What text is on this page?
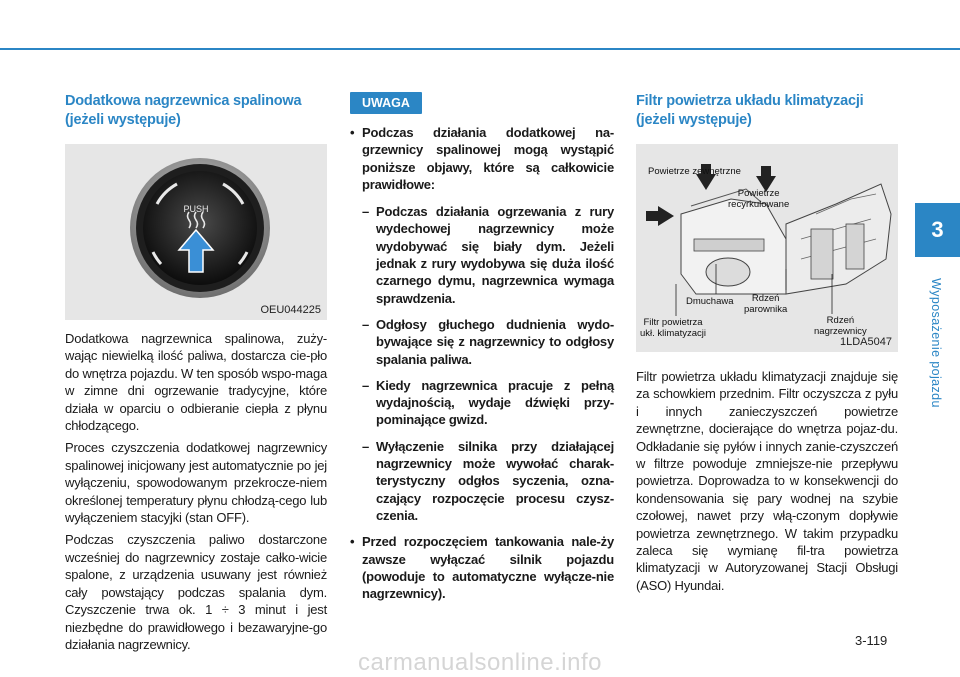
Dodatkowa nagrzewnica spalinowa
(jeżeli występuje)
PUSH
OEU044225

Dodatkowa nagrzewnica spalinowa, zuży-wając niewielką ilość paliwa, dostarcza cie-pło do wnętrza pojazdu. W ten sposób wspo-maga w zimne dni ogrzewanie tradycyjne, które działa w oparciu o odbieranie ciepła z płynu chłodzącego.

Proces czyszczenia dodatkowej nagrzewnicy spalinowej inicjowany jest automatycznie po jej wyłączeniu, spowodowanym przekrocze-niem określonej temperatury płynu chłodzą-cego lub wyłączeniem stacyjki (stan OFF).

Podczas czyszczenia paliwo dostarczone wcześniej do nagrzewnicy zostaje całko-wicie spalone, z urządzenia usuwany jest również cały powstający podczas spalania dym. Czyszczenie trwa ok. 1 ÷ 3 minut i jest niezbędne do prawidłowego i bezawaryjne-go działania nagrzewnicy.

UWAGA
• Podczas działania dodatkowej na-grzewnicy spalinowej mogą wystąpić poniższe objawy, które są całkowicie prawidłowe:
– Podczas działania ogrzewania z rury wydechowej nagrzewnicy może wydobywać się biały dym. Jeżeli jednak z rury wydobywa się duża ilość czarnego dymu, nagrzewnica wymaga sprawdzenia.
– Odgłosy głuchego dudnienia wydo-bywające się z nagrzewnicy to odgłosy spalania paliwa.
– Kiedy nagrzewnica pracuje z pełną wydajnością, wydaje dźwięki przy-pominające gwizd.
– Wyłączenie silnika przy działającej nagrzewnicy może wywołać charak-terystyczny odgłos syczenia, ozna-czający rozpoczęcie procesu czysz-czenia.
• Przed rozpoczęciem tankowania nale-ży zawsze wyłączać silnik pojazdu (powoduje to automatyczne wyłącze-nie nagrzewnicy).
Filtr powietrza układu klimatyzacji
(jeżeli występuje)
Powietrze zewnętrzne
Powietrze
recyrkulowane
Dmuchawa	Rdzeń
parownika
Filtr powietrza
ukł. klimatyzacji
Rdzeń
nagrzewnicy
1LDA5047

Filtr powietrza układu klimatyzacji znajduje się za schowkiem przednim. Filtr oczyszcza z pyłu i innych zanieczyszczeń powietrze zewnętrzne, docierające do wnętrza pojaz-du. Odkładanie się pyłów i innych zanie-czyszczeń w filtrze powoduje zmniejsze-nie przepływu powietrza. Doprowadza to w konsekwencji do kondensowania się pary wodnej na szybie czołowej, nawet przy włą-czonym dopływie powietrza zewnętrznego. W takim przypadku zaleca się wymianę fil-tra powietrza klimatyzacji w Autoryzowanej Stacji Obsługi (ASO) Hyundai.

3
Wyposażenie pojazdu
3-119
carmanualsonline.info
